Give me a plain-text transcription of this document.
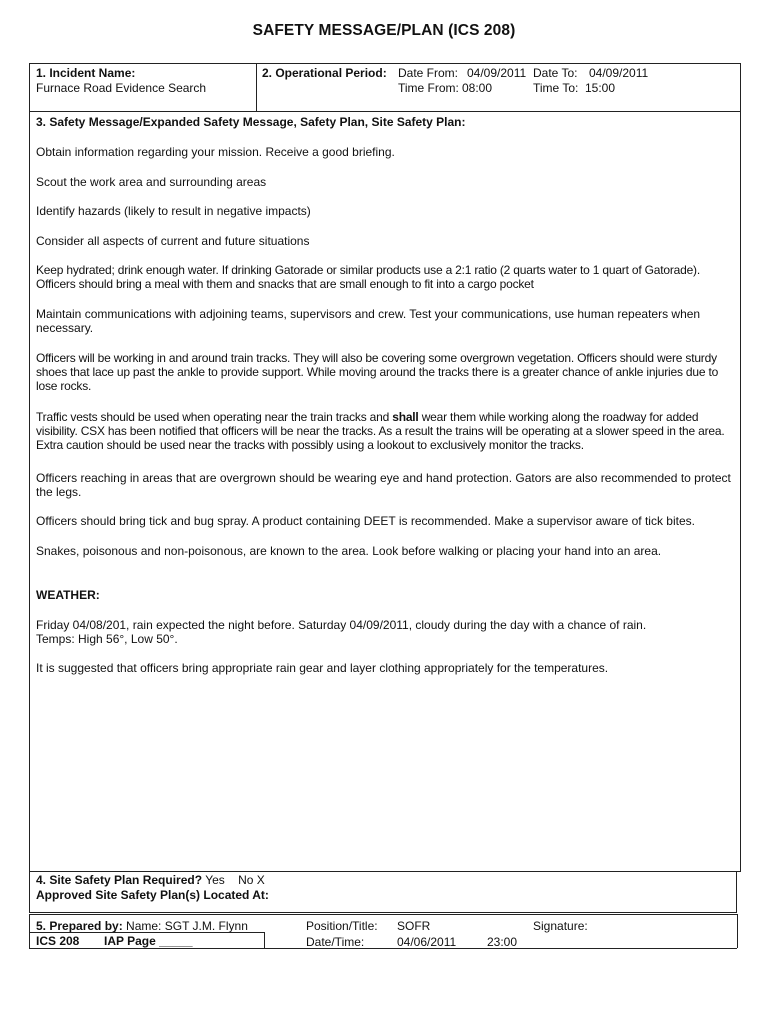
SAFETY MESSAGE/PLAN (ICS 208)
1. Incident Name:
Furnace Road Evidence Search
2. Operational Period: Date From: 04/09/2011 Date To: 04/09/2011
Time From: 08:00	Time To: 15:00
3. Safety Message/Expanded Safety Message, Safety Plan, Site Safety Plan:
Obtain information regarding your mission. Receive a good briefing.
Scout the work area and surrounding areas
Identify hazards (likely to result in negative impacts)
Consider all aspects of current and future situations
Keep hydrated; drink enough water. If drinking Gatorade or similar products use a 2:1 ratio (2 quarts water to 1 quart of Gatorade). Officers should bring a meal with them and snacks that are small enough to fit into a cargo pocket
Maintain communications with adjoining teams, supervisors and crew. Test your communications, use human repeaters when necessary.
Officers will be working in and around train tracks. They will also be covering some overgrown vegetation. Officers should were sturdy shoes that lace up past the ankle to provide support. While moving around the tracks there is a greater chance of ankle injuries due to lose rocks.
Traffic vests should be used when operating near the train tracks and shall wear them while working along the roadway for added visibility. CSX has been notified that officers will be near the tracks. As a result the trains will be operating at a slower speed in the area. Extra caution should be used near the tracks with possibly using a lookout to exclusively monitor the tracks.
Officers reaching in areas that are overgrown should be wearing eye and hand protection. Gators are also recommended to protect the legs.
Officers should bring tick and bug spray. A product containing DEET is recommended. Make a supervisor aware of tick bites.
Snakes, poisonous and non-poisonous, are known to the area. Look before walking or placing your hand into an area.
WEATHER:
Friday 04/08/201, rain expected the night before. Saturday 04/09/2011, cloudy during the day with a chance of rain.
Temps: High 56°, Low 50°.
It is suggested that officers bring appropriate rain gear and layer clothing appropriately for the temperatures.
4. Site Safety Plan Required? Yes No X
Approved Site Safety Plan(s) Located At:
5. Prepared by: Name: SGT J.M. Flynn	Position/Title: SOFR	Signature:
Date/Time:	04/06/2011	23:00
ICS 208 IAP Page _____
